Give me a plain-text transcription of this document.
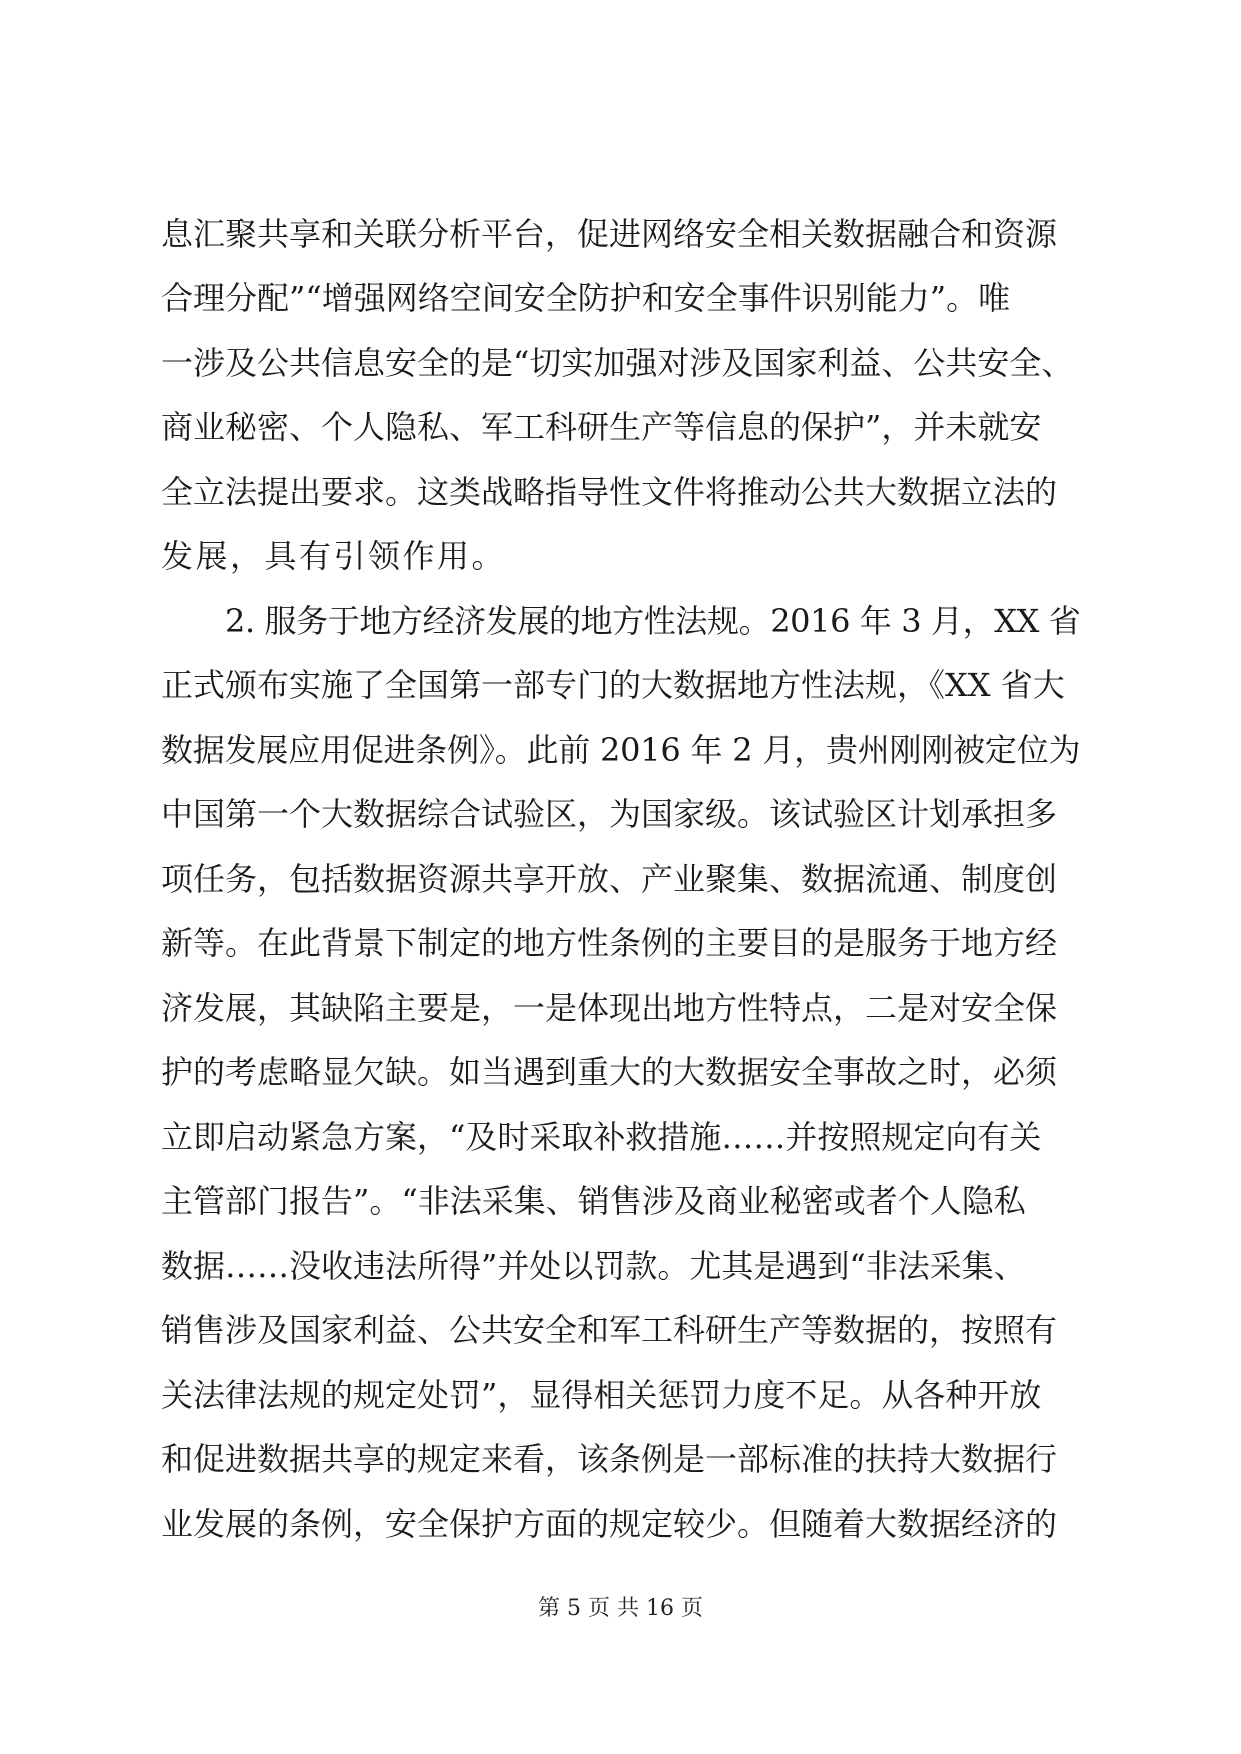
息汇聚共享和关联分析平台，促进网络安全相关数据融合和资源
合理分配”“增强网络空间安全防护和安全事件识别能力”。唯
一涉及公共信息安全的是“切实加强对涉及国家利益、公共安全、
商业秘密、个人隐私、军工科研生产等信息的保护”，并未就安
全立法提出要求。这类战略指导性文件将推动公共大数据立法的
发展，具有引领作用。
2. 服务于地方经济发展的地方性法规。2016 年 3 月，XX 省
正式颁布实施了全国第一部专门的大数据地方性法规，《XX 省大
数据发展应用促进条例》。此前 2016 年 2 月，贵州刚刚被定位为
中国第一个大数据综合试验区，为国家级。该试验区计划承担多
项任务，包括数据资源共享开放、产业聚集、数据流通、制度创
新等。在此背景下制定的地方性条例的主要目的是服务于地方经
济发展，其缺陷主要是，一是体现出地方性特点，二是对安全保
护的考虑略显欠缺。如当遇到重大的大数据安全事故之时，必须
立即启动紧急方案，“及时采取补救措施……并按照规定向有关
主管部门报告”。“非法采集、销售涉及商业秘密或者个人隐私
数据……没收违法所得”并处以罚款。尤其是遇到“非法采集、
销售涉及国家利益、公共安全和军工科研生产等数据的，按照有
关法律法规的规定处罚”，显得相关惩罚力度不足。从各种开放
和促进数据共享的规定来看，该条例是一部标准的扶持大数据行
业发展的条例，安全保护方面的规定较少。但随着大数据经济的
第 5 页 共 16 页
